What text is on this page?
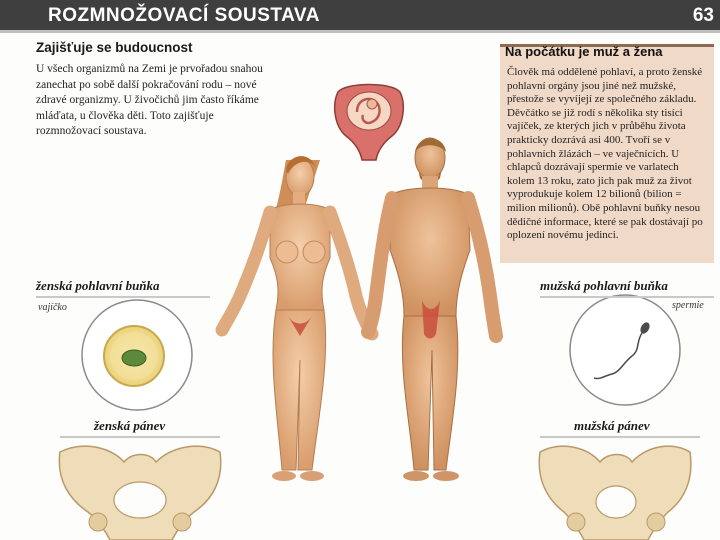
ROZMNOŽOVACÍ SOUSTAVA	63
Zajišťuje se budoucnost
U všech organizmů na Zemi je prvořadou snahou zanechat po sobě další pokračování rodu – nové zdravé organizmy. U živočichů jim často říkáme mláďata, u člověka děti. Toto zajišťuje rozmnožovací soustava.
Na počátku je muž a žena
Člověk má oddělené pohlaví, a proto ženské pohlavní orgány jsou jiné než mužské, přestože se vyvíjejí ze společného základu. Děvčátko se již rodí s několika sty tisíci vajíček, ze kterých jich v průběhu života prakticky dozrává asi 400. Tvoří se v pohlavních žlázách – ve vaječnících. U chlapců dozrávají spermie ve varlatech kolem 13 roku, zato jich pak muž za život vyprodukuje kolem 12 bilionů (bilion = milion milionů). Obě pohlavní buňky nesou dědičné informace, které se pak dostávají po oplození novému jedinci.
ženská pohlavní buňka
vajíčko
ženská pánev
mužská pohlavní buňka
spermie
mužská pánev
